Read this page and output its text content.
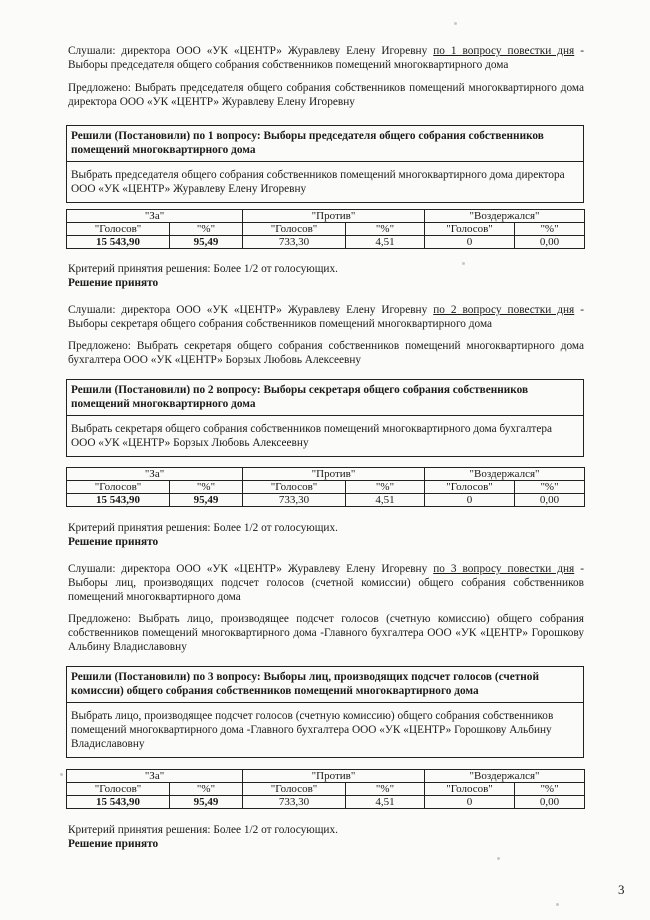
Слушали: директора ООО «УК «ЦЕНТР» Журавлеву Елену Игоревну по 1 вопросу повестки дня - Выборы председателя общего собрания собственников помещений многоквартирного дома

Предложено: Выбрать председателя общего собрания собственников помещений многоквартирного дома директора ООО «УК «ЦЕНТР» Журавлеву Елену Игоревну

Решили (Постановили) по 1 вопросу: Выборы председателя общего собрания собственников помещений многоквартирного дома
Выбрать председателя общего собрания собственников помещений многоквартирного дома директора ООО «УК «ЦЕНТР» Журавлеву Елену Игоревну
"За"		"Против"		"Воздержался"	
"Голосов"	"%"	"Голосов"	"%"	"Голосов"	"%"
15 543,90	95,49	733,30	4,51	0	0,00

Критерий принятия решения: Более 1/2 от голосующих.

Решение принято

Слушали: директора ООО «УК «ЦЕНТР» Журавлеву Елену Игоревну по 2 вопросу повестки дня - Выборы секретаря общего собрания собственников помещений многоквартирного дома

Предложено: Выбрать секретаря общего собрания собственников помещений многоквартирного дома бухгалтера ООО «УК «ЦЕНТР» Борзых Любовь Алексеевну

Решили (Постановили) по 2 вопросу: Выборы секретаря общего собрания собственников помещений многоквартирного дома
Выбрать секретаря общего собрания собственников помещений многоквартирного дома бухгалтера ООО «УК «ЦЕНТР» Борзых Любовь Алексеевну
"За"		"Против"		"Воздержался"	
"Голосов"	"%"	"Голосов"	"%"	"Голосов"	"%"
15 543,90	95,49	733,30	4,51	0	0,00

Критерий принятия решения: Более 1/2 от голосующих.

Решение принято

Слушали: директора ООО «УК «ЦЕНТР» Журавлеву Елену Игоревну по 3 вопросу повестки дня - Выборы лиц, производящих подсчет голосов (счетной комиссии) общего собрания собственников помещений многоквартирного дома

Предложено: Выбрать лицо, производящее подсчет голосов (счетную комиссию) общего собрания собственников помещений многоквартирного дома -Главного бухгалтера ООО «УК «ЦЕНТР» Горошкову Альбину Владиславовну

Решили (Постановили) по 3 вопросу: Выборы лиц, производящих подсчет голосов (счетной комиссии) общего собрания собственников помещений многоквартирного дома
Выбрать лицо, производящее подсчет голосов (счетную комиссию) общего собрания собственников помещений многоквартирного дома -Главного бухгалтера ООО «УК «ЦЕНТР» Горошкову Альбину Владиславовну
"За"		"Против"		"Воздержался"	
"Голосов"	"%"	"Голосов"	"%"	"Голосов"	"%"
15 543,90	95,49	733,30	4,51	0	0,00

Критерий принятия решения: Более 1/2 от голосующих.

Решение принято

3
